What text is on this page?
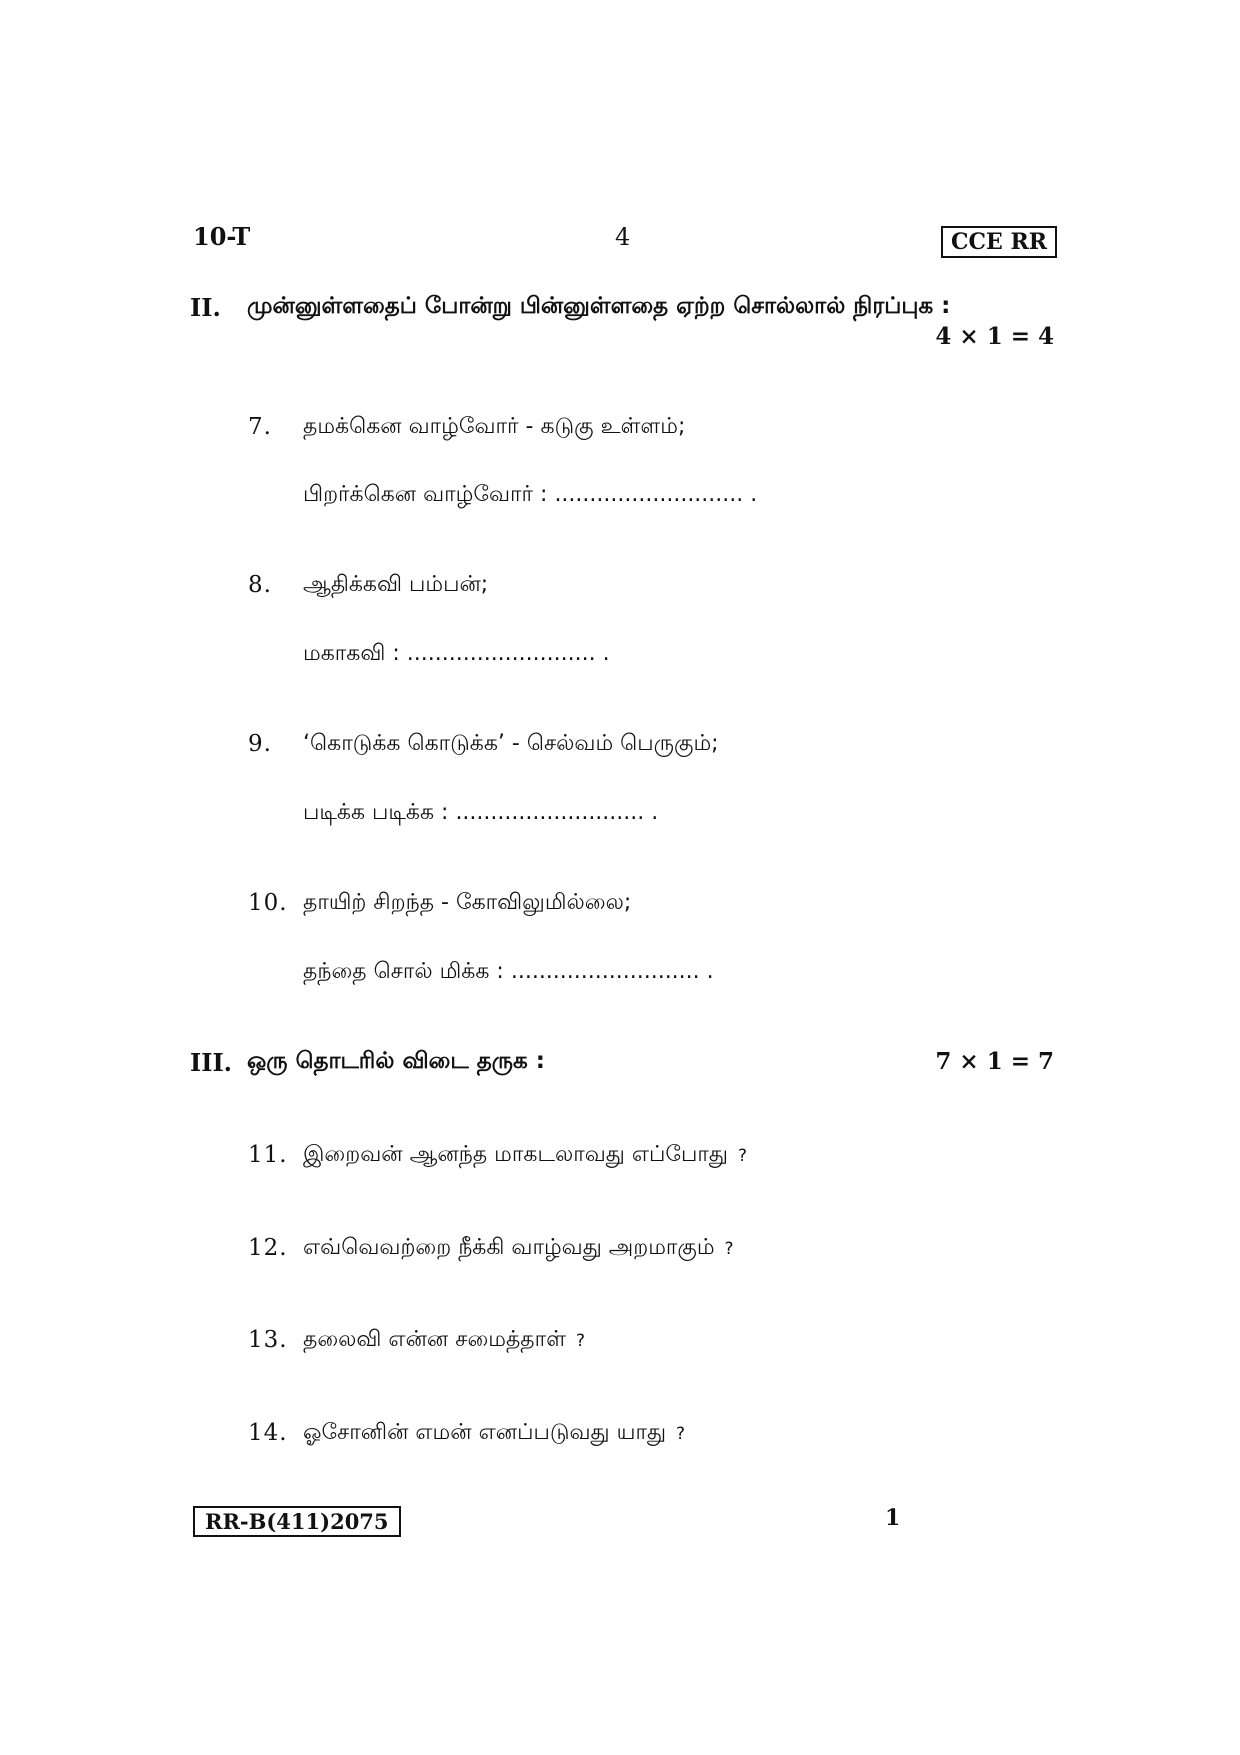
10-T	4	CCE RR
II. முன்னுள்ளதைப் போன்று பின்னுள்ளதை ஏற்ற சொல்லால் நிரப்புக :
4 × 1 = 4
7. தமக்கென வாழ்வோர் - கடுகு உள்ளம்;
பிறர்க்கென வாழ்வோர் : ........................... .
8. ஆதிக்கவி பம்பன்;
மகாகவி : ........................... .
9. ‘கொடுக்க கொடுக்க’ - செல்வம் பெருகும்;
படிக்க படிக்க : ........................... .
10. தாயிற் சிறந்த - கோவிலுமில்லை;
தந்தை சொல் மிக்க : ........................... .
III. ஒரு தொடரில் விடை தருக :	7 × 1 = 7
11. இறைவன் ஆனந்த மாகடலாவது எப்போது ?
12. எவ்வெவற்றை நீக்கி வாழ்வது அறமாகும் ?
13. தலைவி என்ன சமைத்தாள் ?
14. ஓசோனின் எமன் எனப்படுவது யாது ?
RR-B(411)2075	1
